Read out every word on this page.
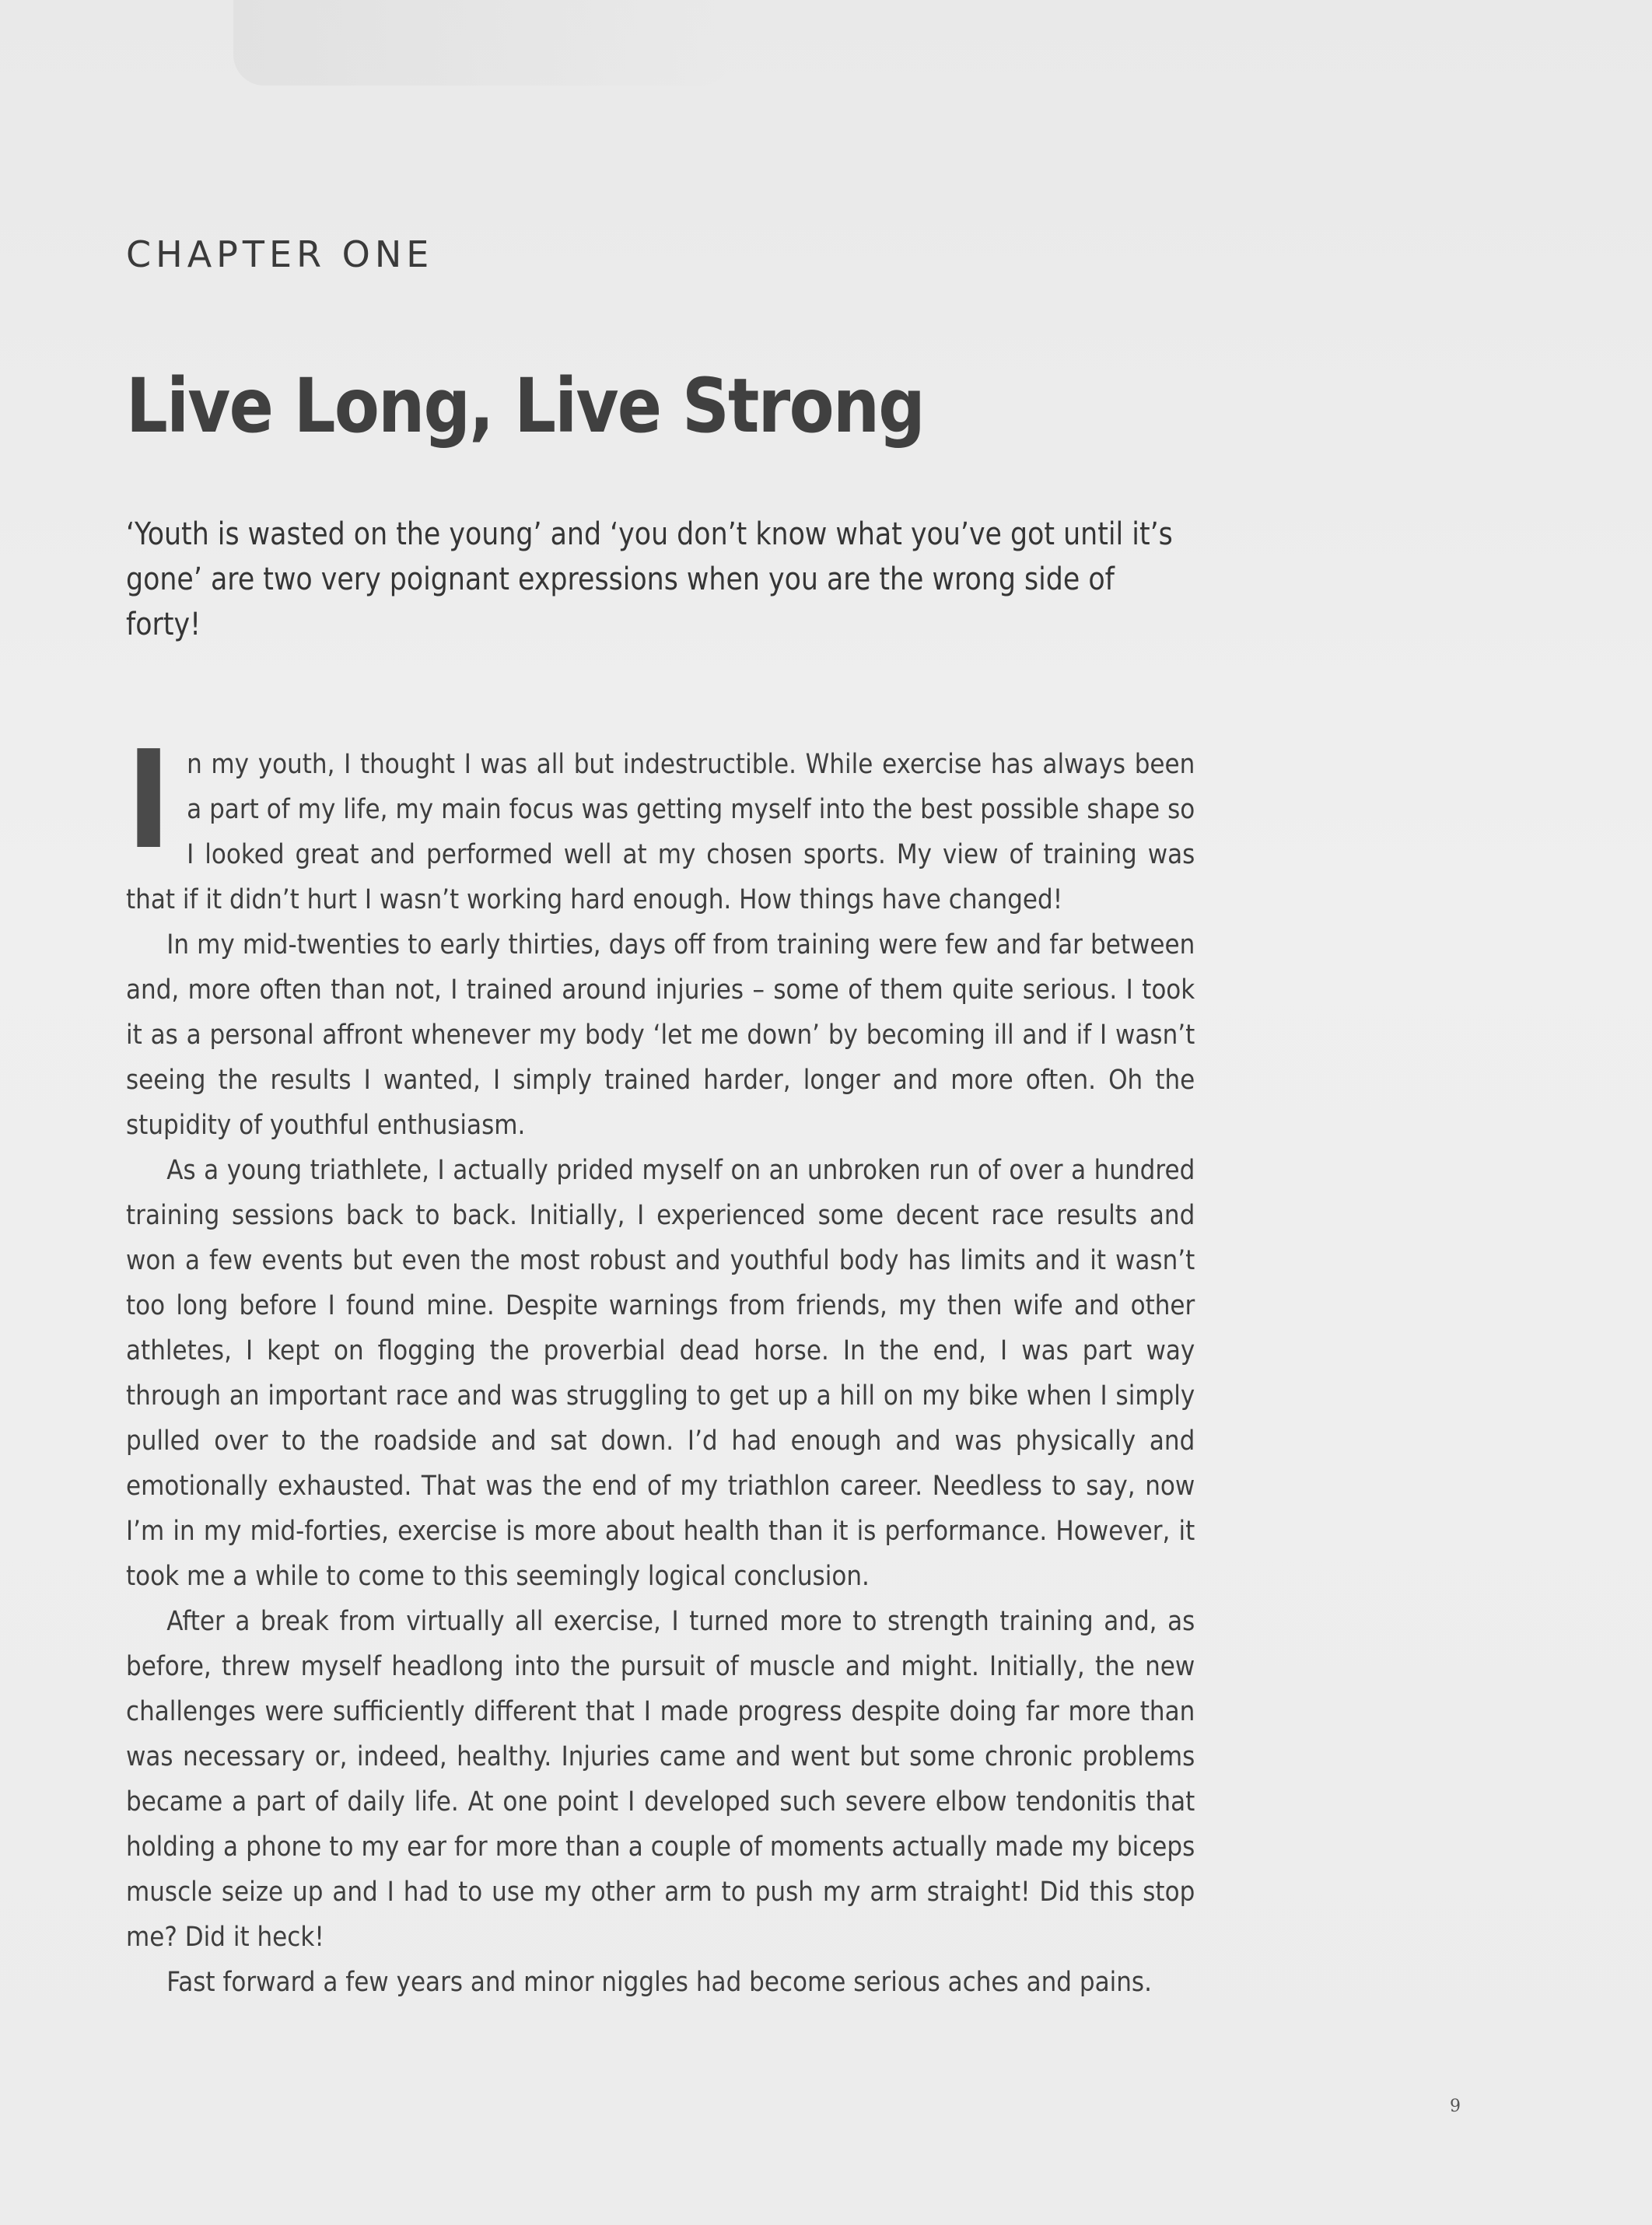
CHAPTER ONE
Live Long, Live Strong

‘Youth is wasted on the young’ and ‘you don’t know what you’ve got until it’s gone’ are two very poignant expressions when you are the wrong side of forty!

In my youth, I thought I was all but indestructible. While exercise has always been a part of my life, my main focus was getting myself into the best possible shape so I looked great and performed well at my chosen sports. My view of training was that if it didn’t hurt I wasn’t working hard enough. How things have changed!

In my mid-twenties to early thirties, days off from training were few and far between and, more often than not, I trained around injuries – some of them quite serious. I took it as a personal affront whenever my body ‘let me down’ by becoming ill and if I wasn’t seeing the results I wanted, I simply trained harder, longer and more often. Oh the stupidity of youthful enthusiasm.

As a young triathlete, I actually prided myself on an unbroken run of over a hundred training sessions back to back. Initially, I experienced some decent race results and won a few events but even the most robust and youthful body has limits and it wasn’t too long before I found mine. Despite warnings from friends, my then wife and other athletes, I kept on flogging the proverbial dead horse. In the end, I was part way through an important race and was struggling to get up a hill on my bike when I simply pulled over to the roadside and sat down. I’d had enough and was physically and emotionally exhausted. That was the end of my triathlon career. Needless to say, now I’m in my mid-forties, exercise is more about health than it is performance. However, it took me a while to come to this seemingly logical conclusion.

After a break from virtually all exercise, I turned more to strength training and, as before, threw myself headlong into the pursuit of muscle and might. Initially, the new challenges were sufficiently different that I made progress despite doing far more than was necessary or, indeed, healthy. Injuries came and went but some chronic problems became a part of daily life. At one point I developed such severe elbow tendonitis that holding a phone to my ear for more than a couple of moments actually made my biceps muscle seize up and I had to use my other arm to push my arm straight! Did this stop me? Did it heck!

Fast forward a few years and minor niggles had become serious aches and pains.

9
